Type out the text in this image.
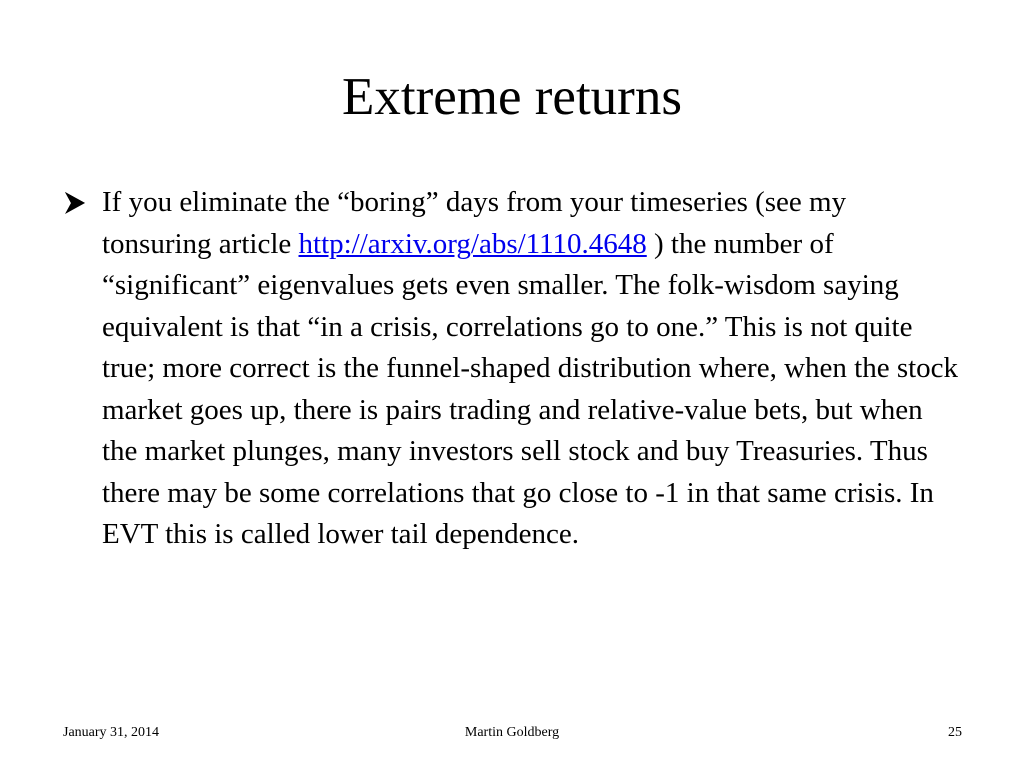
Extreme returns

If you eliminate the “boring” days from your timeseries (see my tonsuring article http://arxiv.org/abs/1110.4648 ) the number of “significant” eigenvalues gets even smaller. The folk-wisdom saying equivalent is that “in a crisis, correlations go to one.” This is not quite true; more correct is the funnel-shaped distribution where, when the stock market goes up, there is pairs trading and relative-value bets, but when the market plunges, many investors sell stock and buy Treasuries. Thus there may be some correlations that go close to -1 in that same crisis. In EVT this is called lower tail dependence.

January 31, 2014	Martin Goldberg	25
